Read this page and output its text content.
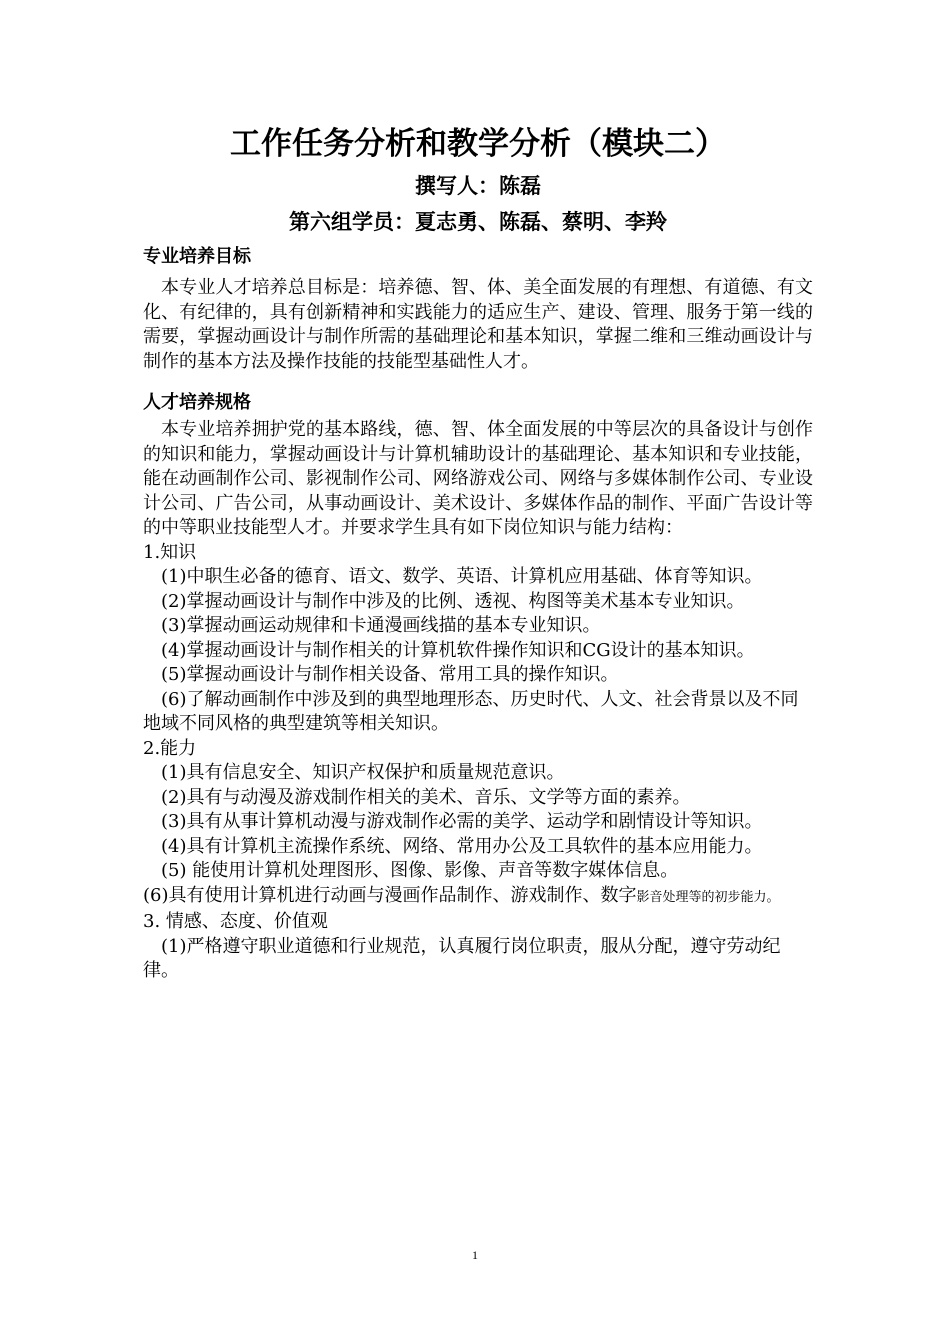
工作任务分析和教学分析（模块二）

撰写人：陈磊

第六组学员：夏志勇、陈磊、蔡明、李羚

专业培养目标

本专业人才培养总目标是：培养德、智、体、美全面发展的有理想、有道德、有文化、有纪律的，具有创新精神和实践能力的适应生产、建设、管理、服务于第一线的需要，掌握动画设计与制作所需的基础理论和基本知识，掌握二维和三维动画设计与制作的基本方法及操作技能的技能型基础性人才。

人才培养规格

本专业培养拥护党的基本路线，德、智、体全面发展的中等层次的具备设计与创作的知识和能力，掌握动画设计与计算机辅助设计的基础理论、基本知识和专业技能，能在动画制作公司、影视制作公司、网络游戏公司、网络与多媒体制作公司、专业设计公司、广告公司，从事动画设计、美术设计、多媒体作品的制作、平面广告设计等的中等职业技能型人才。并要求学生具有如下岗位知识与能力结构：

1.知识

(1)中职生必备的德育、语文、数学、英语、计算机应用基础、体育等知识。

(2)掌握动画设计与制作中涉及的比例、透视、构图等美术基本专业知识。

(3)掌握动画运动规律和卡通漫画线描的基本专业知识。

(4)掌握动画设计与制作相关的计算机软件操作知识和CG设计的基本知识。

(5)掌握动画设计与制作相关设备、常用工具的操作知识。

(6)了解动画制作中涉及到的典型地理形态、历史时代、人文、社会背景以及不同地域不同风格的典型建筑等相关知识。

2.能力

(1)具有信息安全、知识产权保护和质量规范意识。

(2)具有与动漫及游戏制作相关的美术、音乐、文学等方面的素养。

(3)具有从事计算机动漫与游戏制作必需的美学、运动学和剧情设计等知识。

(4)具有计算机主流操作系统、网络、常用办公及工具软件的基本应用能力。

(5) 能使用计算机处理图形、图像、影像、声音等数字媒体信息。

(6)具有使用计算机进行动画与漫画作品制作、游戏制作、数字影音处理等的初步能力。

3. 情感、态度、价值观

(1)严格遵守职业道德和行业规范，认真履行岗位职责，服从分配，遵守劳动纪律。

1
